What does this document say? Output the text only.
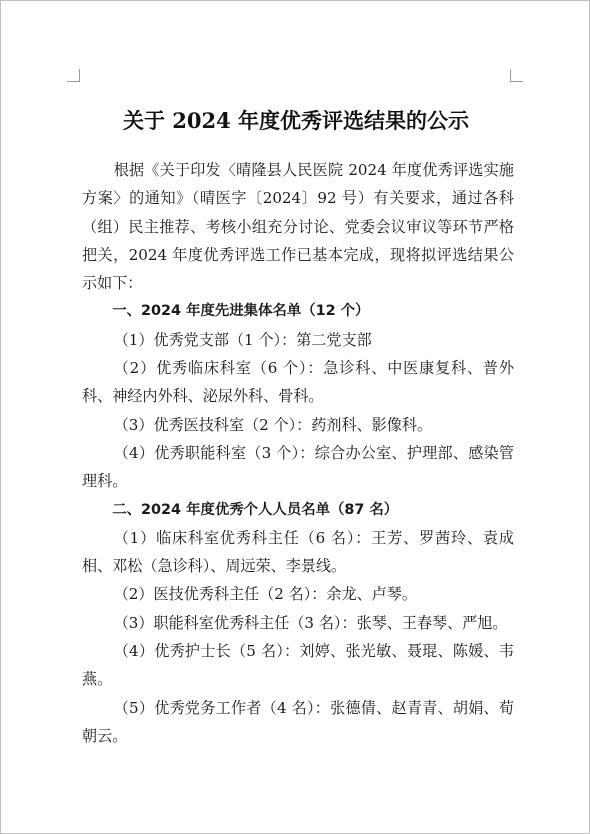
关于 2024 年度优秀评选结果的公示

根据《关于印发〈晴隆县人民医院 2024 年度优秀评选实施方案〉的通知》（晴医字〔2024〕92 号）有关要求，通过各科（组）民主推荐、考核小组充分讨论、党委会议审议等环节严格把关，2024 年度优秀评选工作已基本完成，现将拟评选结果公示如下：

一、2024 年度先进集体名单（12 个）

（1）优秀党支部（1 个）：第二党支部

（2）优秀临床科室（6 个）：急诊科、中医康复科、普外科、神经内外科、泌尿外科、骨科。

（3）优秀医技科室（2 个）：药剂科、影像科。

（4）优秀职能科室（3 个）：综合办公室、护理部、感染管理科。

二、2024 年度优秀个人人员名单（87 名）

（1）临床科室优秀科主任（6 名）：王芳、罗茜玲、袁成相、邓松（急诊科）、周远荣、李景线。

（2）医技优秀科主任（2 名）：余龙、卢琴。

（3）职能科室优秀科主任（3 名）：张琴、王春琴、严旭。

（4）优秀护士长（5 名）：刘婷、张光敏、聂琨、陈媛、韦燕。

（5）优秀党务工作者（4 名）：张德倩、赵青青、胡娟、荀朝云。
